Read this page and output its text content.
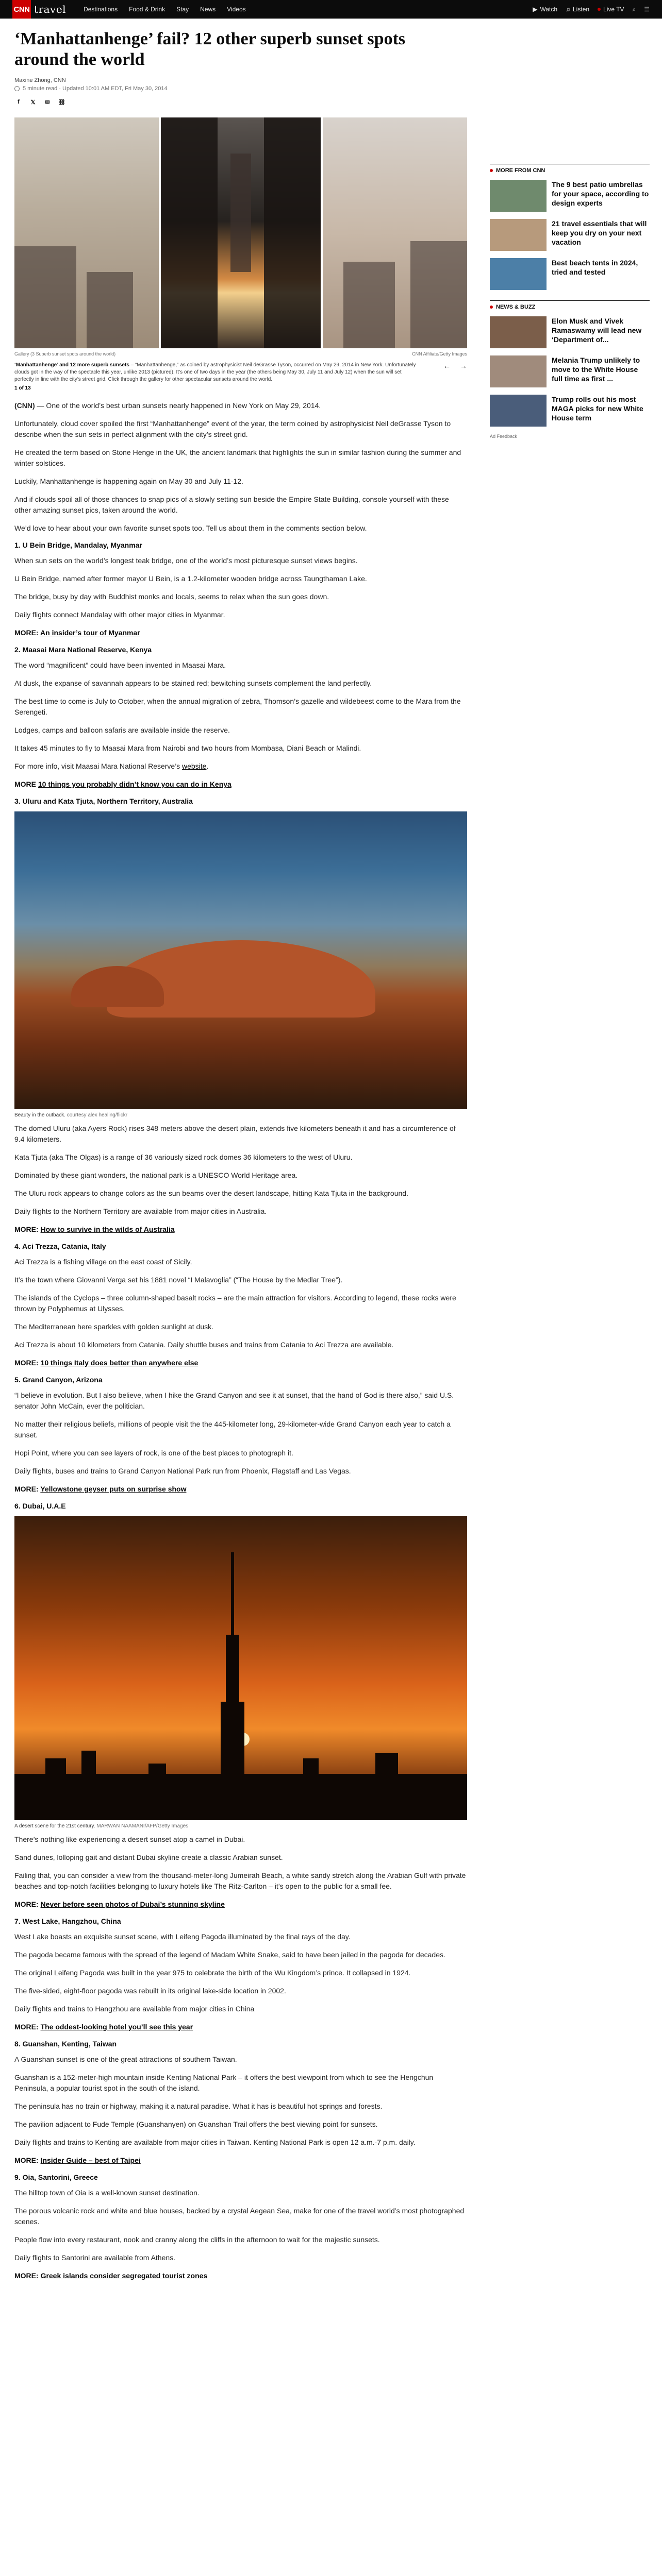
CNN travel	Destinations Food & Drink Stay News Videos	▶ Watch ♫ Listen Live TV ⌕ ☰
‘Manhattanhenge’ fail? 12 other superb sunset spots around the world
Maxine Zhong, CNN
5 minute read · Updated 10:01 AM EDT, Fri May 30, 2014
f	𝕏	✉	⛓
Gallery (3 Superb sunset spots around the world)	CNN Affiliate/Getty Images
‘Manhattanhenge’ and 12 more superb sunsets – “Manhattanhenge,” as coined by astrophysicist Neil deGrasse Tyson, occurred on May 29, 2014 in New York. Unfortunately clouds got in the way of the spectacle this year, unlike 2013 (pictured). It’s one of two days in the year (the others being May 30, July 11 and July 12) when the sun will set perfectly in line with the city’s street grid. Click through the gallery for other spectacular sunsets around the world.
1 of 13
← →

(CNN) — One of the world’s best urban sunsets nearly happened in New York on May 29, 2014.

Unfortunately, cloud cover spoiled the first “Manhattanhenge” event of the year, the term coined by astrophysicist Neil deGrasse Tyson to describe when the sun sets in perfect alignment with the city’s street grid.

He created the term based on Stone Henge in the UK, the ancient landmark that highlights the sun in similar fashion during the summer and winter solstices.

Luckily, Manhattanhenge is happening again on May 30 and July 11-12.

And if clouds spoil all of those chances to snap pics of a slowly setting sun beside the Empire State Building, console yourself with these other amazing sunset pics, taken around the world.

We’d love to hear about your own favorite sunset spots too. Tell us about them in the comments section below.

1. U Bein Bridge, Mandalay, Myanmar

When sun sets on the world’s longest teak bridge, one of the world’s most picturesque sunset views begins.

U Bein Bridge, named after former mayor U Bein, is a 1.2-kilometer wooden bridge across Taungthaman Lake.

The bridge, busy by day with Buddhist monks and locals, seems to relax when the sun goes down.

Daily flights connect Mandalay with other major cities in Myanmar.

MORE: An insider’s tour of Myanmar
2. Maasai Mara National Reserve, Kenya

The word “magnificent” could have been invented in Maasai Mara.

At dusk, the expanse of savannah appears to be stained red; bewitching sunsets complement the land perfectly.

The best time to come is July to October, when the annual migration of zebra, Thomson’s gazelle and wildebeest come to the Mara from the Serengeti.

Lodges, camps and balloon safaris are available inside the reserve.

It takes 45 minutes to fly to Maasai Mara from Nairobi and two hours from Mombasa, Diani Beach or Malindi.

For more info, visit Maasai Mara National Reserve’s website.

MORE 10 things you probably didn’t know you can do in Kenya
3. Uluru and Kata Tjuta, Northern Territory, Australia
Beauty in the outback. courtesy alex healing/flickr

The domed Uluru (aka Ayers Rock) rises 348 meters above the desert plain, extends five kilometers beneath it and has a circumference of 9.4 kilometers.

Kata Tjuta (aka The Olgas) is a range of 36 variously sized rock domes 36 kilometers to the west of Uluru.

Dominated by these giant wonders, the national park is a UNESCO World Heritage area.

The Uluru rock appears to change colors as the sun beams over the desert landscape, hitting Kata Tjuta in the background.

Daily flights to the Northern Territory are available from major cities in Australia.

MORE: How to survive in the wilds of Australia
4. Aci Trezza, Catania, Italy

Aci Trezza is a fishing village on the east coast of Sicily.

It’s the town where Giovanni Verga set his 1881 novel “I Malavoglia” (“The House by the Medlar Tree”).

The islands of the Cyclops – three column-shaped basalt rocks – are the main attraction for visitors. According to legend, these rocks were thrown by Polyphemus at Ulysses.

The Mediterranean here sparkles with golden sunlight at dusk.

Aci Trezza is about 10 kilometers from Catania. Daily shuttle buses and trains from Catania to Aci Trezza are available.

MORE: 10 things Italy does better than anywhere else
5. Grand Canyon, Arizona

“I believe in evolution. But I also believe, when I hike the Grand Canyon and see it at sunset, that the hand of God is there also,” said U.S. senator John McCain, ever the politician.

No matter their religious beliefs, millions of people visit the the 445-kilometer long, 29-kilometer-wide Grand Canyon each year to catch a sunset.

Hopi Point, where you can see layers of rock, is one of the best places to photograph it.

Daily flights, buses and trains to Grand Canyon National Park run from Phoenix, Flagstaff and Las Vegas.

MORE: Yellowstone geyser puts on surprise show
6. Dubai, U.A.E
A desert scene for the 21st century. MARWAN NAAMANI/AFP/Getty Images

There’s nothing like experiencing a desert sunset atop a camel in Dubai.

Sand dunes, lolloping gait and distant Dubai skyline create a classic Arabian sunset.

Failing that, you can consider a view from the thousand-meter-long Jumeirah Beach, a white sandy stretch along the Arabian Gulf with private beaches and top-notch facilities belonging to luxury hotels like The Ritz-Carlton – it’s open to the public for a small fee.

MORE: Never before seen photos of Dubai’s stunning skyline
7. West Lake, Hangzhou, China

West Lake boasts an exquisite sunset scene, with Leifeng Pagoda illuminated by the final rays of the day.

The pagoda became famous with the spread of the legend of Madam White Snake, said to have been jailed in the pagoda for decades.

The original Leifeng Pagoda was built in the year 975 to celebrate the birth of the Wu Kingdom’s prince. It collapsed in 1924.

The five-sided, eight-floor pagoda was rebuilt in its original lake-side location in 2002.

Daily flights and trains to Hangzhou are available from major cities in China

MORE: The oddest-looking hotel you’ll see this year
8. Guanshan, Kenting, Taiwan

A Guanshan sunset is one of the great attractions of southern Taiwan.

Guanshan is a 152-meter-high mountain inside Kenting National Park – it offers the best viewpoint from which to see the Hengchun Peninsula, a popular tourist spot in the south of the island.

The peninsula has no train or highway, making it a natural paradise. What it has is beautiful hot springs and forests.

The pavilion adjacent to Fude Temple (Guanshanyen) on Guanshan Trail offers the best viewing point for sunsets.

Daily flights and trains to Kenting are available from major cities in Taiwan. Kenting National Park is open 12 a.m.-7 p.m. daily.

MORE: Insider Guide – best of Taipei
9. Oia, Santorini, Greece

The hilltop town of Oia is a well-known sunset destination.

The porous volcanic rock and white and blue houses, backed by a crystal Aegean Sea, make for one of the travel world’s most photographed scenes.

People flow into every restaurant, nook and cranny along the cliffs in the afternoon to wait for the majestic sunsets.

Daily flights to Santorini are available from Athens.

MORE: Greek islands consider segregated tourist zones
MORE FROM CNN
The 9 best patio umbrellas for your space, according to design experts
21 travel essentials that will keep you dry on your next vacation
Best beach tents in 2024, tried and tested
NEWS & BUZZ
Elon Musk and Vivek Ramaswamy will lead new ‘Department of...
Melania Trump unlikely to move to the White House full time as first ...
Trump rolls out his most MAGA picks for new White House term
Ad Feedback
